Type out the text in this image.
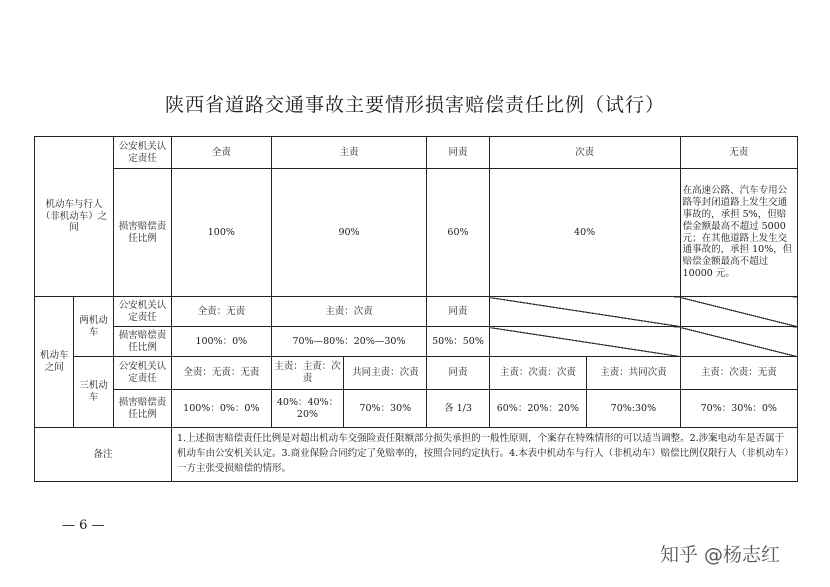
陕西省道路交通事故主要情形损害赔偿责任比例（试行）
机动车与行人（非机动车）之间		公安机关认定责任	全责	主责		同责	次责		无责
		损害赔偿责任比例	100%	90%		60%	40%		在高速公路、汽车专用公路等封闭道路上发生交通事故的，承担 5%，但赔偿金额最高不超过 5000 元；在其他道路上发生交通事故的，承担 10%，但赔偿金额最高不超过 10000 元。
机动车之间	两机动车	公安机关认定责任	全责：无责	主责：次责		同责			
		损害赔偿责任比例	100%：0%	70%—80%：20%—30%		50%：50%			
	三机动车	公安机关认定责任	全责：无责：无责	主责：主责：次责	共同主责：次责	同责	主责：次责：次责	主责：共同次责	主责：次责：无责
		损害赔偿责任比例	100%：0%：0%	40%：40%：20%	70%：30%	各 1/3	60%：20%：20%	70%:30%	70%：30%：0%
备注			1.上述损害赔偿责任比例是对超出机动车交强险责任限额部分损失承担的一般性原则，个案存在特殊情形的可以适当调整。2.涉案电动车是否属于机动车由公安机关认定。3.商业保险合同约定了免赔率的，按照合同约定执行。4.本表中机动车与行人（非机动车）赔偿比例仅限行人（非机动车）一方主张受损赔偿的情形。						
— 6 —
知乎 @杨志红
